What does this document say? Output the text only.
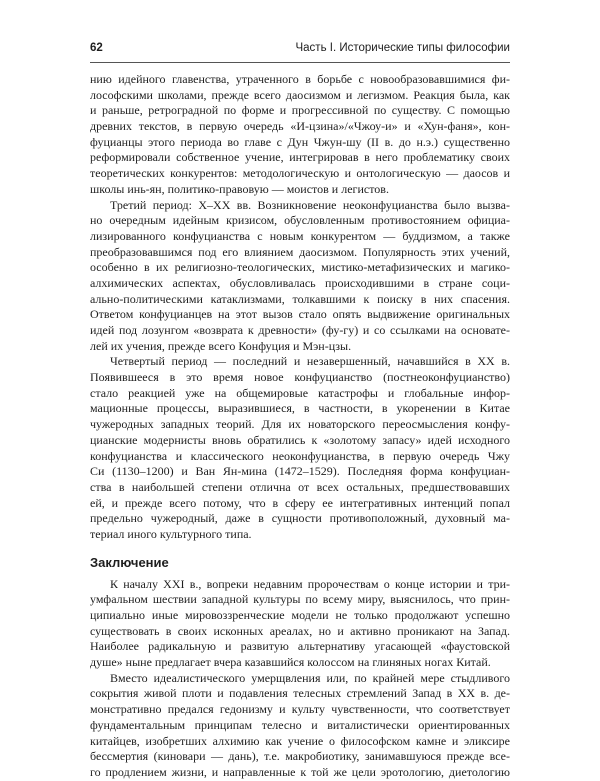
62	Часть I. Исторические типы философии
нию идейного главенства, утраченного в борьбе с новообразовавшимися фи-
лософскими школами, прежде всего даосизмом и легизмом. Реакция была, как
и раньше, ретроградной по форме и прогрессивной по существу. С помощью
древних текстов, в первую очередь «И-цзина»/«Чжоу-и» и «Хун-фаня», кон-
фуцианцы этого периода во главе с Дун Чжун-шу (II в. до н.э.) существенно
реформировали собственное учение, интегрировав в него проблематику своих
теоретических конкурентов: методологическую и онтологическую — даосов и
школы инь-ян, политико-правовую — моистов и легистов.
Третий период: Х–XX вв. Возникновение неоконфуцианства было вызва-
но очередным идейным кризисом, обусловленным противостоянием официа-
лизированного конфуцианства с новым конкурентом — буддизмом, а также
преобразовавшимся под его влиянием даосизмом. Популярность этих учений,
особенно в их религиозно-теологических, мистико-метафизических и магико-
алхимических аспектах, обусловливалась происходившими в стране соци-
ально-политическими катаклизмами, толкавшими к поиску в них спасения.
Ответом конфуцианцев на этот вызов стало опять выдвижение оригинальных
идей под лозунгом «возврата к древности» (фу-гу) и со ссылками на основате-
лей их учения, прежде всего Конфуция и Мэн-цзы.
Четвертый период — последний и незавершенный, начавшийся в XX в.
Появившееся в это время новое конфуцианство (постнеоконфуцианство)
стало реакцией уже на общемировые катастрофы и глобальные инфор-
мационные процессы, выразившиеся, в частности, в укоренении в Китае
чужеродных западных теорий. Для их новаторского переосмысления конфу-
цианские модернисты вновь обратились к «золотому запасу» идей исходного
конфуцианства и классического неоконфуцианства, в первую очередь Чжу
Си (1130–1200) и Ван Ян-мина (1472–1529). Последняя форма конфуциан-
ства в наибольшей степени отлична от всех остальных, предшествовавших
ей, и прежде всего потому, что в сферу ее интегративных интенций попал
предельно чужеродный, даже в сущности противоположный, духовный ма-
териал иного культурного типа.
Заключение
К началу XXI в., вопреки недавним пророчествам о конце истории и три-
умфальном шествии западной культуры по всему миру, выяснилось, что прин-
ципиально иные мировоззренческие модели не только продолжают успешно
существовать в своих исконных ареалах, но и активно проникают на Запад.
Наиболее радикальную и развитую альтернативу угасающей «фаустовской
душе» ныне предлагает вчера казавшийся колоссом на глиняных ногах Китай.
Вместо идеалистического умерщвления или, по крайней мере стыдливого
сокрытия живой плоти и подавления телесных стремлений Запад в XX в. де-
монстративно предался гедонизму и культу чувственности, что соответствует
фундаментальным принципам телесно и виталистически ориентированных
китайцев, изобретших алхимию как учение о философском камне и эликсире
бессмертия (киновари — дань), т.е. макробиотику, занимавшуюся прежде все-
го продлением жизни, и направленные к той же цели эротологию, диетологию
